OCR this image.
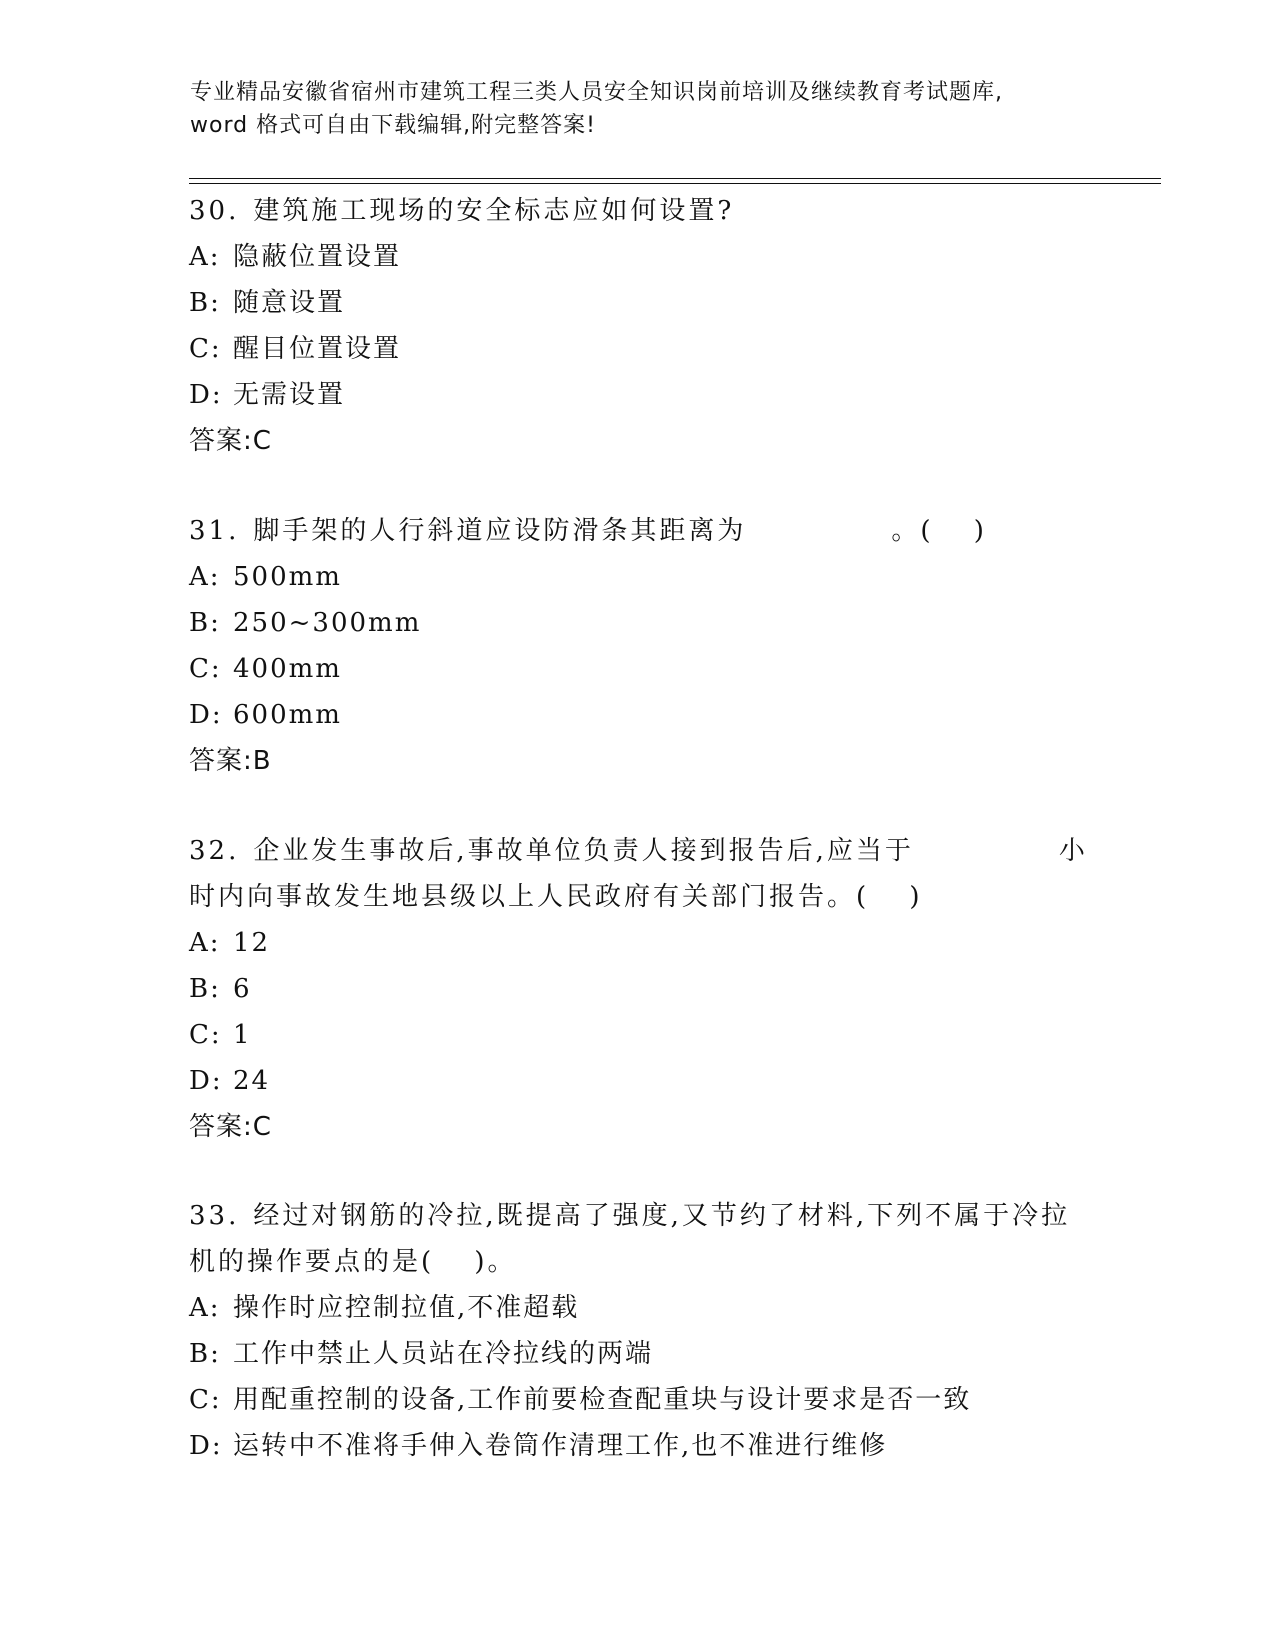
专业精品安徽省宿州市建筑工程三类人员安全知识岗前培训及继续教育考试题库,
word 格式可自由下载编辑,附完整答案!
30. 建筑施工现场的安全标志应如何设置?
A: 隐蔽位置设置
B: 随意设置
C: 醒目位置设置
D: 无需设置
答案:C
31. 脚手架的人行斜道应设防滑条其距离为　　　　　。(　 )
A: 500mm
B: 250~300mm
C: 400mm
D: 600mm
答案:B
32. 企业发生事故后,事故单位负责人接到报告后,应当于　　　　　小时内向事故发生地县级以上人民政府有关部门报告。(　 )
A: 12
B: 6
C: 1
D: 24
答案:C
33. 经过对钢筋的冷拉,既提高了强度,又节约了材料,下列不属于冷拉机的操作要点的是(　 )。
A: 操作时应控制拉值,不准超载
B: 工作中禁止人员站在冷拉线的两端
C: 用配重控制的设备,工作前要检查配重块与设计要求是否一致
D: 运转中不准将手伸入卷筒作清理工作,也不准进行维修
